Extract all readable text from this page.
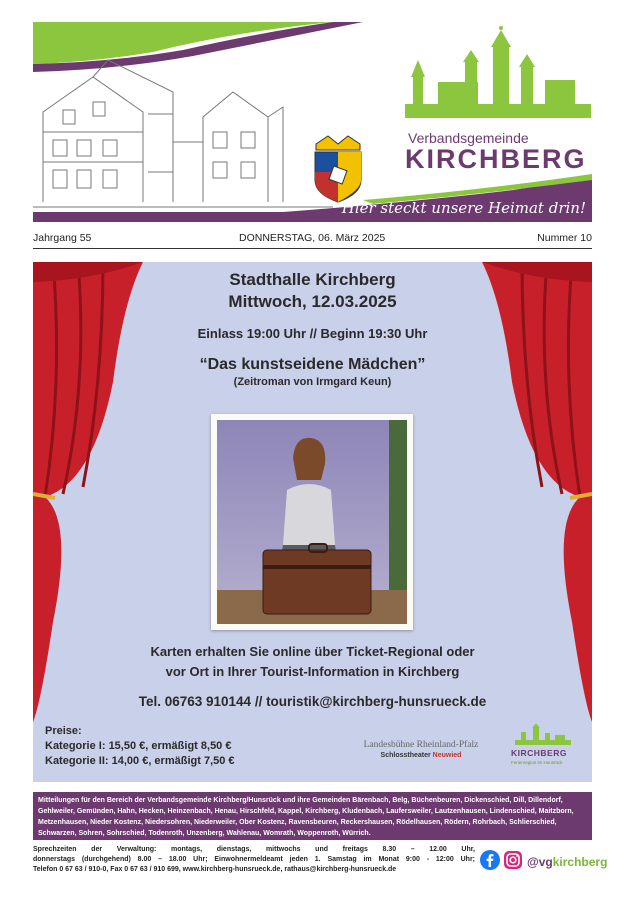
Verbandsgemeinde
KIRCHBERG
Hier steckt unsere Heimat drin!
Jahrgang 55	DONNERSTAG, 06. März 2025	Nummer 10
Stadthalle Kirchberg
Mittwoch, 12.03.2025
Einlass 19:00 Uhr // Beginn 19:30 Uhr
“Das kunstseidene Mädchen”
(Zeitroman von Irmgard Keun)
Karten erhalten Sie online über Ticket-Regional oder
vor Ort in Ihrer Tourist-Information in Kirchberg
Tel. 06763 910144 // touristik@kirchberg-hunsrueck.de
Preise:
Kategorie I: 15,50 €, ermäßigt 8,50 €
Kategorie II: 14,00 €, ermäßigt 7,50 €
Landesbühne Rheinland-Pfalz
Schlosstheater Neuwied	KIRCHBERG
Ferienregion im Hunsrück
Mitteilungen für den Bereich der Verbandsgemeinde Kirchberg/Hunsrück und ihre Gemeinden Bärenbach, Belg, Büchenbeuren, Dickenschied, Dill, Dillendorf, Gehlweiler, Gemünden, Hahn, Hecken, Heinzenbach, Henau, Hirschfeld, Kappel, Kirchberg, Kludenbach, Laufersweiler, Lautzenhausen, Lindenschied, Maitzborn, Metzenhausen, Nieder Kostenz, Niedersohren, Niederweiler, Ober Kostenz, Ravensbeuren, Reckershausen, Rödelhausen, Rödern, Rohrbach, Schlierschied, Schwarzen, Sohren, Sohrschied, Todenroth, Unzenberg, Wahlenau, Womrath, Woppenroth, Würrich.
Sprechzeiten der Verwaltung: montags, dienstags, mittwochs und freitags 8.30 – 12.00 Uhr,
donnerstags (durchgehend) 8.00 – 18.00 Uhr; Einwohnermeldeamt jeden 1. Samstag im Monat 9:00 - 12:00 Uhr;
Telefon 0 67 63 / 910-0, Fax 0 67 63 / 910 699, www.kirchberg-hunsrueck.de, rathaus@kirchberg-hunsrueck.de
@vgkirchberg
